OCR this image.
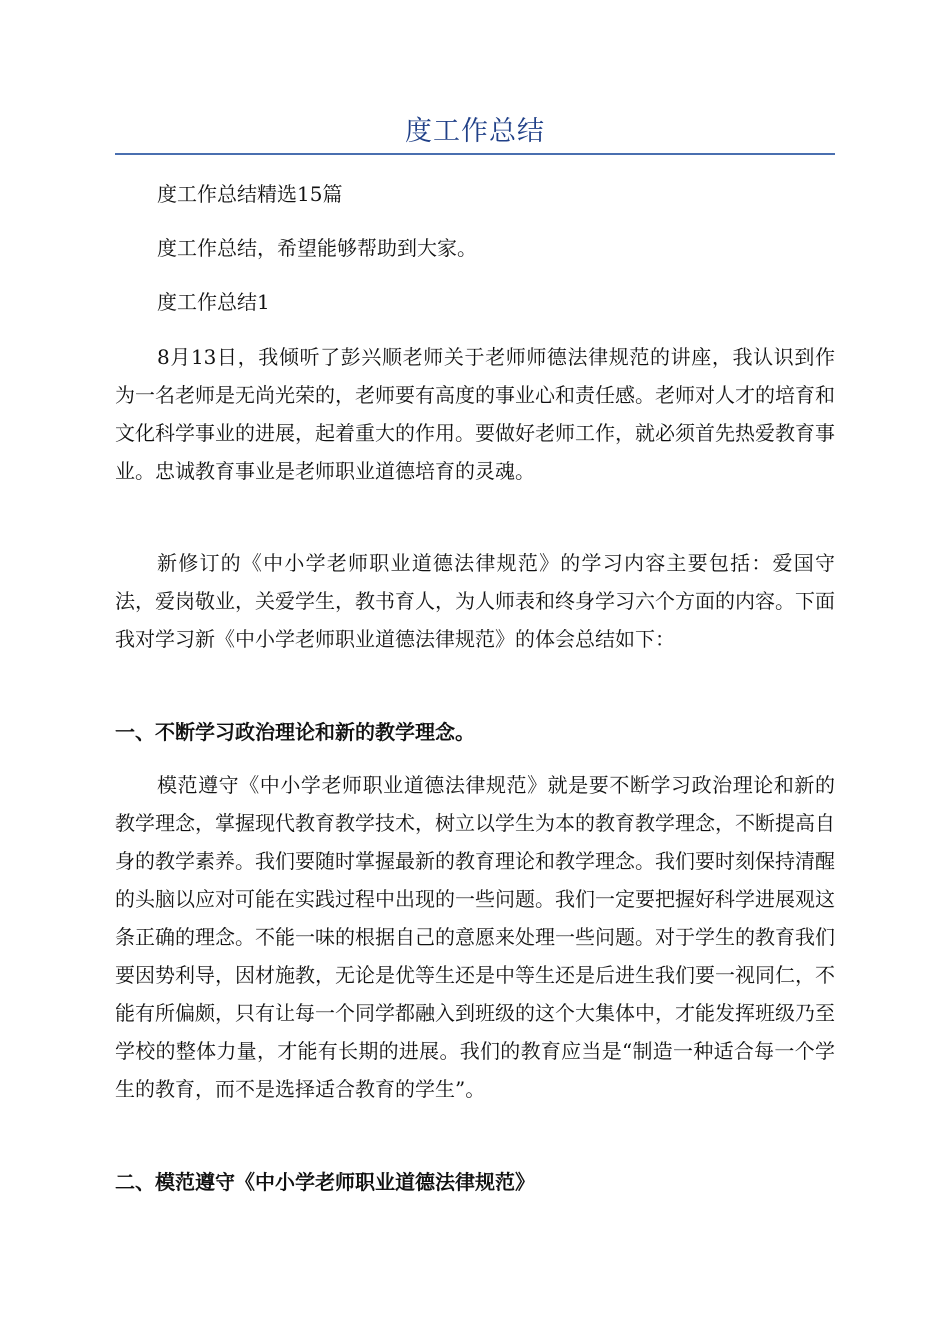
度工作总结

度工作总结精选15篇

度工作总结，希望能够帮助到大家。

度工作总结1

8月13日，我倾听了彭兴顺老师关于老师师德法律规范的讲座，我认识到作为一名老师是无尚光荣的，老师要有高度的事业心和责任感。老师对人才的培育和文化科学事业的进展，起着重大的作用。要做好老师工作，就必须首先热爱教育事业。忠诚教育事业是老师职业道德培育的灵魂。

新修订的《中小学老师职业道德法律规范》的学习内容主要包括：爱国守法，爱岗敬业，关爱学生，教书育人，为人师表和终身学习六个方面的内容。下面我对学习新《中小学老师职业道德法律规范》的体会总结如下：

一、不断学习政治理论和新的教学理念。

模范遵守《中小学老师职业道德法律规范》就是要不断学习政治理论和新的教学理念，掌握现代教育教学技术，树立以学生为本的教育教学理念，不断提高自身的教学素养。我们要随时掌握最新的教育理论和教学理念。我们要时刻保持清醒的头脑以应对可能在实践过程中出现的一些问题。我们一定要把握好科学进展观这条正确的理念。不能一味的根据自己的意愿来处理一些问题。对于学生的教育我们要因势利导，因材施教，无论是优等生还是中等生还是后进生我们要一视同仁，不能有所偏颇，只有让每一个同学都融入到班级的这个大集体中，才能发挥班级乃至学校的整体力量，才能有长期的进展。我们的教育应当是“制造一种适合每一个学生的教育，而不是选择适合教育的学生”。

二、模范遵守《中小学老师职业道德法律规范》
